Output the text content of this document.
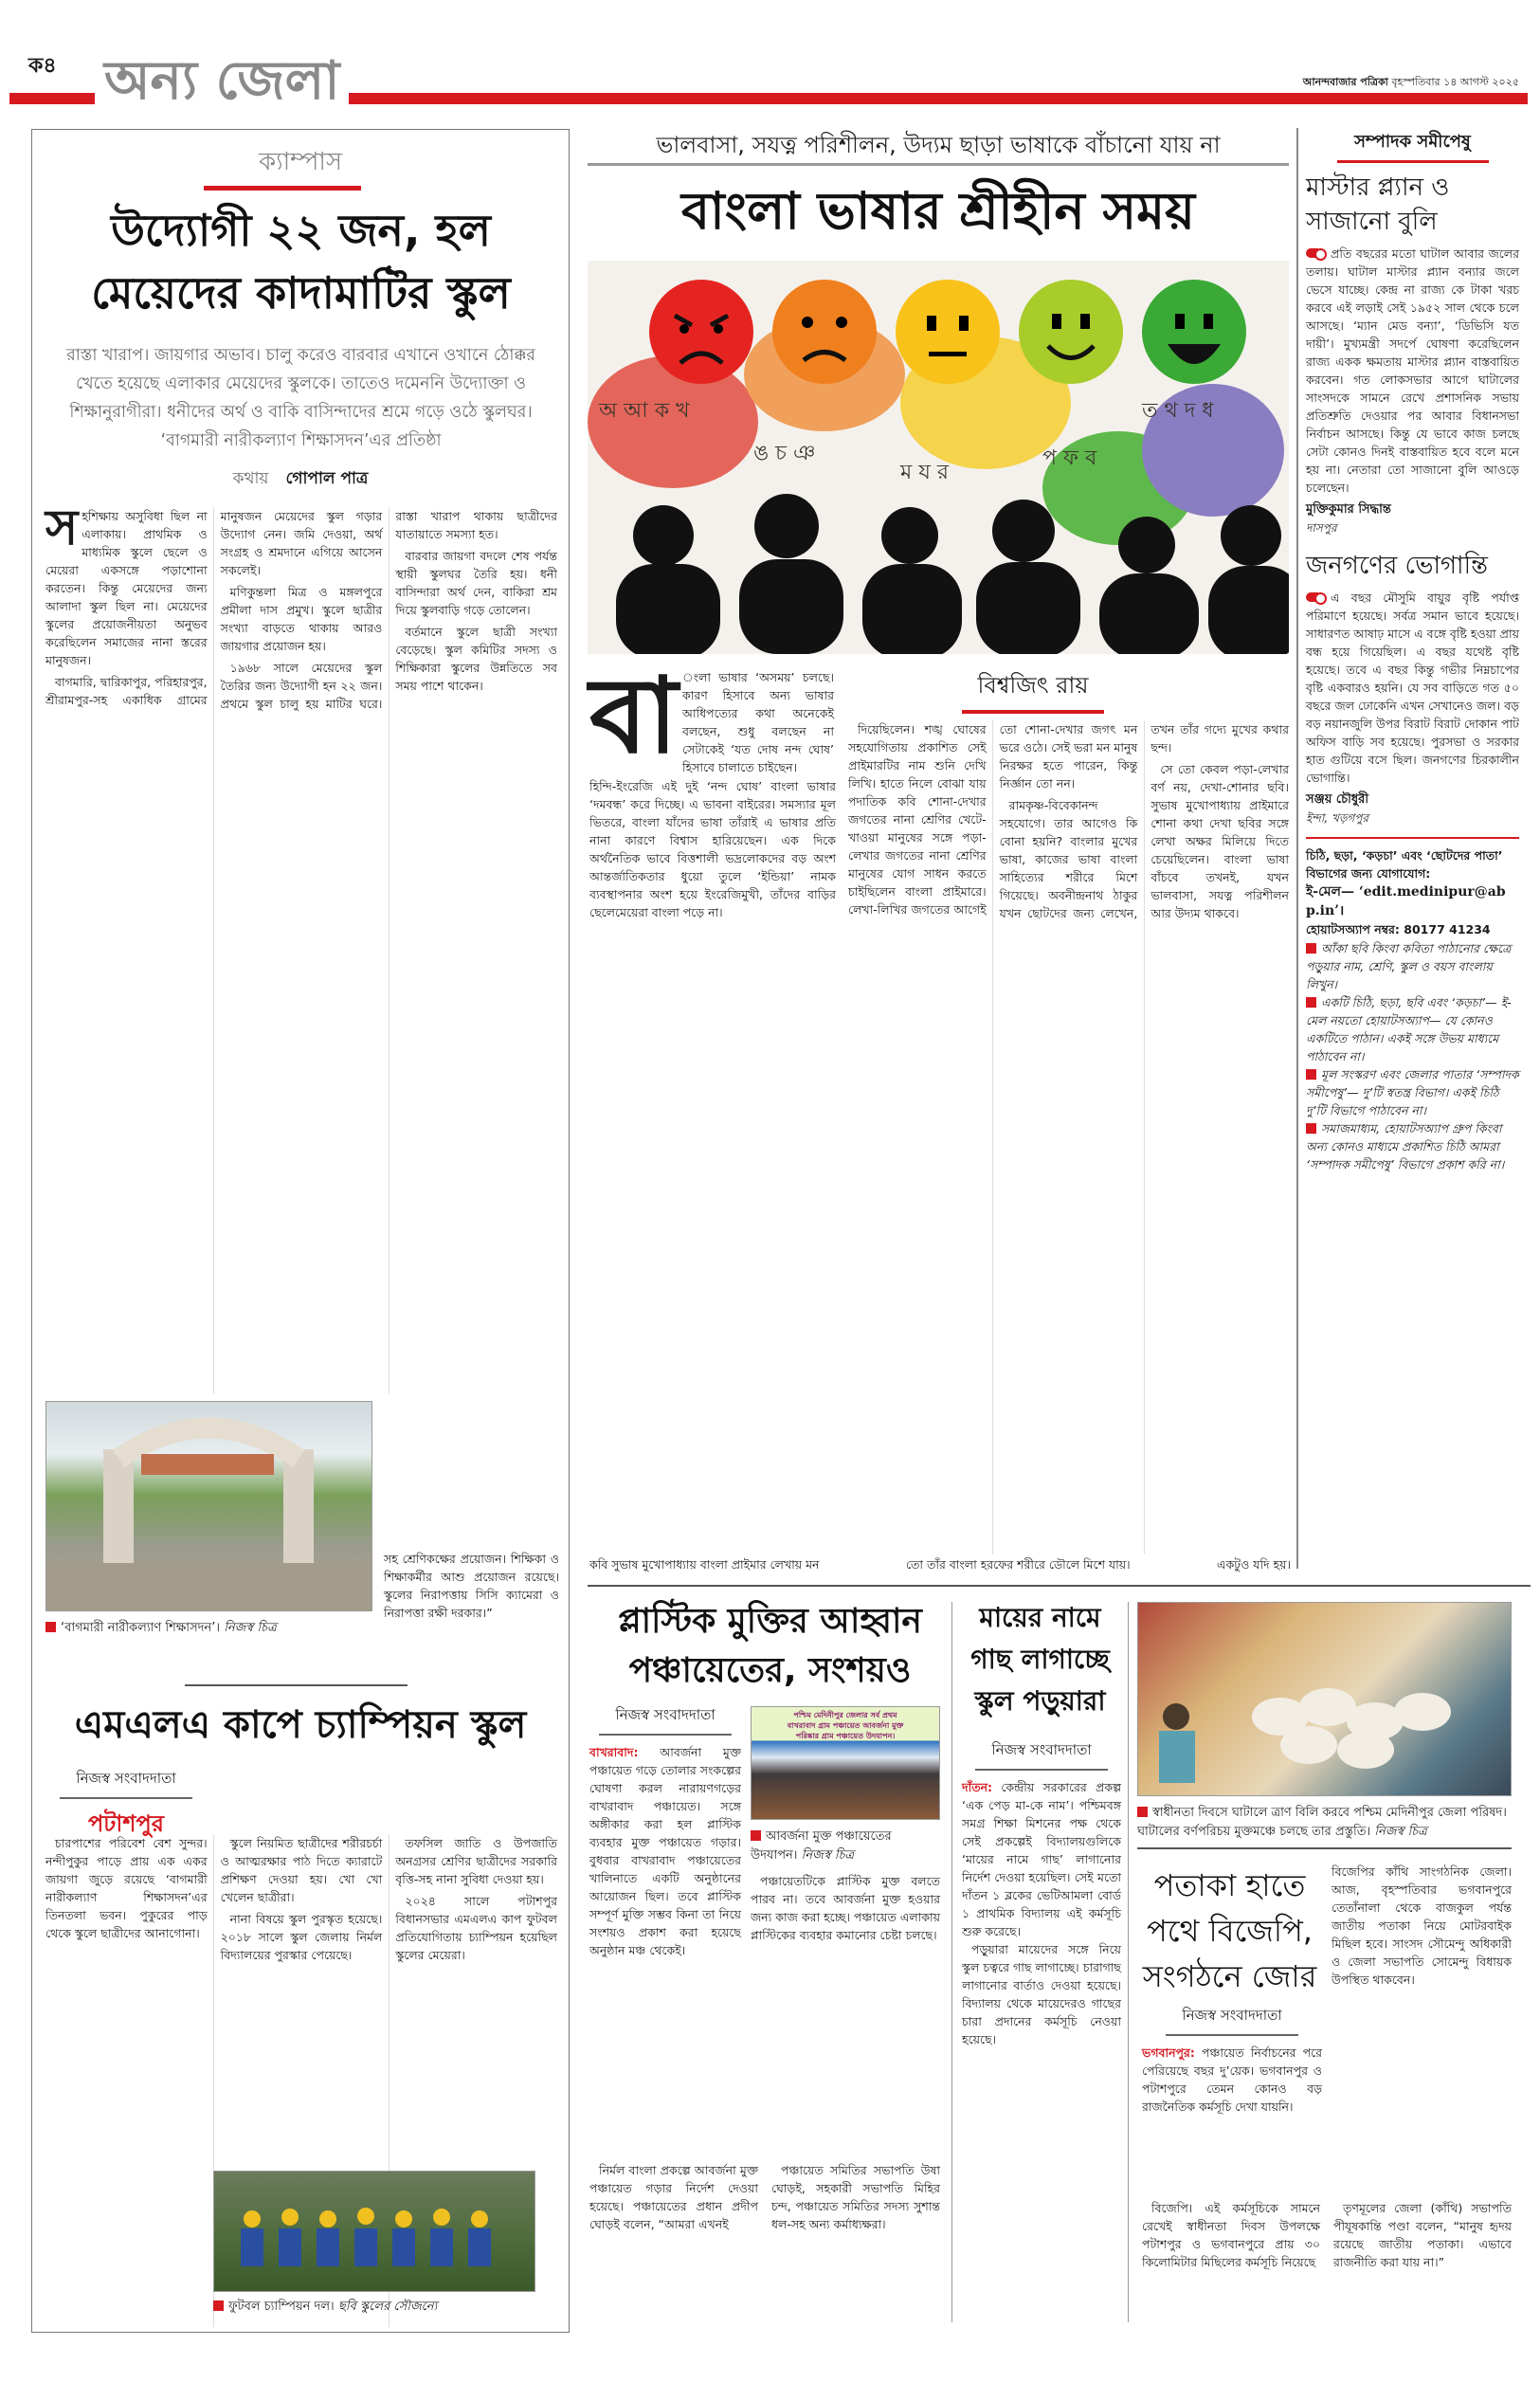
ক৪ অন্য জেলা	আনন্দবাজার পত্রিকা বৃহস্পতিবার ১৪ আগস্ট ২০২৫
ক্যাম্পাস
উদ্যোগী ২২ জন, হল
মেয়েদের কাদামাটির স্কুল
রাস্তা খারাপ। জায়গার অভাব। চালু করেও বারবার এখানে ওখানে ঠোক্কর খেতে হয়েছে এলাকার মেয়েদের স্কুলকে। তাতেও দমেননি উদ্যোক্তা ও শিক্ষানুরাগীরা। ধনীদের অর্থ ও বাকি বাসিন্দাদের শ্রমে গড়ে ওঠে স্কুলঘর। ‘বাগমারী নারীকল্যাণ শিক্ষাসদন’এর প্রতিষ্ঠা
কথায় গোপাল পাত্র

সহশিক্ষায় অসুবিধা ছিল না এলাকায়। প্রাথমিক ও মাধ্যমিক স্কুলে ছেলে ও মেয়েরা একসঙ্গে পড়াশোনা করতেন। কিন্তু মেয়েদের জন্য আলাদা স্কুল ছিল না। মেয়েদের স্কুলের প্রয়োজনীয়তা অনুভব করেছিলেন সমাজের নানা স্তরের মানুষজন।

বাগমারি, দ্বারিকাপুর, পরিহারপুর, শ্রীরামপুর-সহ একাধিক গ্রামের মানুষজন মেয়েদের স্কুল গড়ার উদ্যোগ নেন। জমি দেওয়া, অর্থ সংগ্রহ ও শ্রমদানে এগিয়ে আসেন সকলেই।

মণিকুন্তলা মিত্র ও মঙ্গলপুরে প্রমীলা দাস প্রমুখ। স্কুলে ছাত্রীর সংখ্যা বাড়তে থাকায় আরও জায়গার প্রয়োজন হয়।

১৯৬৮ সালে মেয়েদের স্কুল তৈরির জন্য উদ্যোগী হন ২২ জন। প্রথমে স্কুল চালু হয় মাটির ঘরে। রাস্তা খারাপ থাকায় ছাত্রীদের যাতায়াতে সমস্যা হত।

বারবার জায়গা বদলে শেষ পর্যন্ত স্থায়ী স্কুলঘর তৈরি হয়। ধনী বাসিন্দারা অর্থ দেন, বাকিরা শ্রম দিয়ে স্কুলবাড়ি গড়ে তোলেন।

বর্তমানে স্কুলে ছাত্রী সংখ্যা বেড়েছে। স্কুল কমিটির সদস্য ও শিক্ষিকারা স্কুলের উন্নতিতে সব সময় পাশে থাকেন।

‘বাগমারী নারীকল্যাণ শিক্ষাসদন’। নিজস্ব চিত্র
সহ শ্রেণিকক্ষের প্রয়োজন। শিক্ষিকা ও শিক্ষাকর্মীর আশু প্রয়োজন রয়েছে। স্কুলের নিরাপত্তায় সিসি ক্যামেরা ও নিরাপত্তা রক্ষী দরকার।”
এমএলএ কাপে চ্যাম্পিয়ন স্কুল
নিজস্ব সংবাদদাতা
পটাশপুর

চারপাশের পরিবেশ বেশ সুন্দর। নন্দীপুকুর পাড়ে প্রায় এক একর জায়গা জুড়ে রয়েছে ‘বাগমারী নারীকল্যাণ শিক্ষাসদন’এর তিনতলা ভবন। পুকুরের পাড় থেকে স্কুলে ছাত্রীদের আনাগোনা।

স্কুলে নিয়মিত ছাত্রীদের শরীরচর্চা ও আত্মরক্ষার পাঠ দিতে ক্যারাটে প্রশিক্ষণ দেওয়া হয়। খো খো খেলেন ছাত্রীরা।

নানা বিষয়ে স্কুল পুরস্কৃত হয়েছে। ২০১৮ সালে স্কুল জেলায় নির্মল বিদ্যালয়ের পুরস্কার পেয়েছে।

তফসিল জাতি ও উপজাতি অনগ্রসর শ্রেণির ছাত্রীদের সরকারি বৃত্তি-সহ নানা সুবিধা দেওয়া হয়।

২০২৪ সালে পটাশপুর বিধানসভার এমএলএ কাপ ফুটবল প্রতিযোগিতায় চ্যাম্পিয়ন হয়েছিল স্কুলের মেয়েরা।

ফুটবল চ্যাম্পিয়ন দল। ছবি স্কুলের সৌজন্যে
ভালবাসা, সযত্ন পরিশীলন, উদ্যম ছাড়া ভাষাকে বাঁচানো যায় না
বাংলা ভাষার শ্রীহীন সময়
অ আ ক খ
ঙ চ ঞ
ত থ দ ধ
প ফ ব
ম য র
বা ংলা ভাষার ‘অসময়’ চলছে। কারণ হিসাবে অন্য ভাষার আধিপত্যের কথা অনেকেই বলছেন, শুধু বলছেন না সেটাকেই ‘যত দোষ নন্দ ঘোষ’ হিসাবে চালাতে চাইছেন।
বিশ্বজিৎ রায়

হিন্দি-ইংরেজি এই দুই ‘নন্দ ঘোষ’ বাংলা ভাষার ‘দমবন্ধ’ করে দিচ্ছে। এ ভাবনা বাইরের। সমস্যার মূল ভিতরে, বাংলা যাঁদের ভাষা তাঁরাই এ ভাষার প্রতি নানা কারণে বিশ্বাস হারিয়েছেন। এক দিকে অর্থনৈতিক ভাবে বিত্তশালী ভদ্রলোকদের বড় অংশ আন্তর্জাতিকতার ধুয়ো তুলে ‘ইন্ডিয়া’ নামক ব্যবস্থাপনার অংশ হয়ে ইংরেজিমুখী, তাঁদের বাড়ির ছেলেমেয়েরা বাংলা পড়ে না।

দিয়েছিলেন। শঙ্খ ঘোষের সহযোগিতায় প্রকাশিত সেই প্রাইমারটির নাম শুনি দেখি লিখি। হাতে নিলে বোঝা যায় পদাতিক কবি শোনা-দেখার জগতের নানা শ্রেণির খেটে-খাওয়া মানুষের সঙ্গে পড়া-লেখার জগতের নানা শ্রেণির মানুষের যোগ সাধন করতে চাইছিলেন বাংলা প্রাইমারে। লেখা-লিখির জগতের আগেই তো শোনা-দেখার জগৎ মন ভরে ওঠে। সেই ভরা মন মানুষ নিরক্ষর হতে পারেন, কিন্তু নির্জ্ঞান তো নন।

রামকৃষ্ণ-বিবেকানন্দ সহযোগে। তার আগেও কি বোনা হয়নি? বাংলার মুখের ভাষা, কাজের ভাষা বাংলা সাহিত্যের শরীরে মিশে গিয়েছে। অবনীন্দ্রনাথ ঠাকুর যখন ছোটদের জন্য লেখেন, তখন তাঁর গদ্যে মুখের কথার ছন্দ।

সে তো কেবল পড়া-লেখার বর্ণ নয়, দেখা-শোনার ছবি। সুভাষ মুখোপাধ্যায় প্রাইমারে শোনা কথা দেখা ছবির সঙ্গে লেখা অক্ষর মিলিয়ে দিতে চেয়েছিলেন। বাংলা ভাষা বাঁচবে তখনই, যখন ভালবাসা, সযত্ন পরিশীলন আর উদ্যম থাকবে।

কবি সুভাষ মুখোপাধ্যায় বাংলা প্রাইমার লেখায় মন	তো তাঁর বাংলা হরফের শরীরে ডৌলে মিশে যায়।	একটুও যদি হয়।
প্লাস্টিক মুক্তির আহ্বান
পঞ্চায়েতের, সংশয়ও
নিজস্ব সংবাদদাতা
বাখরাবাদ: আবর্জনা মুক্ত পঞ্চায়েত গড়ে তোলার সংকল্পের ঘোষণা করল নারায়ণগড়ের বাখরাবাদ পঞ্চায়েত। সঙ্গে অঙ্গীকার করা হল প্লাস্টিক ব্যবহার মুক্ত পঞ্চায়েত গড়ার। বুধবার বাখরাবাদ পঞ্চায়েতের খালিনাতে একটি অনুষ্ঠানের আয়োজন ছিল। তবে প্লাস্টিক সম্পূর্ণ মুক্তি সম্ভব কিনা তা নিয়ে সংশয়ও প্রকাশ করা হয়েছে অনুষ্ঠান মঞ্চ থেকেই।
পশ্চিম মেদিনীপুর জেলার সর্ব প্রথম
বাখরাবাদ গ্রাম পঞ্চায়েত আবর্জনা মুক্ত
পরিষ্কার গ্রাম পঞ্চায়েত উদযাপন।
আবর্জনা মুক্ত পঞ্চায়েতের উদযাপন। নিজস্ব চিত্র

পঞ্চায়েতটিকে প্লাস্টিক মুক্ত বলতে পারব না। তবে আবর্জনা মুক্ত হওয়ার জন্য কাজ করা হচ্ছে। পঞ্চায়েত এলাকায় প্লাস্টিকের ব্যবহার কমানোর চেষ্টা চলছে।

নির্মল বাংলা প্রকল্পে আবর্জনা মুক্ত পঞ্চায়েত গড়ার নির্দেশ দেওয়া হয়েছে। পঞ্চায়েতের প্রধান প্রদীপ ঘোড়ই বলেন, “আমরা এখনই

পঞ্চায়েত সমিতির সভাপতি উষা ঘোড়ই, সহকারী সভাপতি মিহির চন্দ, পঞ্চায়েত সমিতির সদস্য সুশান্ত ধল-সহ অন্য কর্মাধ্যক্ষরা।

মায়ের নামে
গাছ লাগাচ্ছে
স্কুল পড়ুয়ারা
নিজস্ব সংবাদদাতা
দাঁতন: কেন্দ্রীয় সরকারের প্রকল্প ‘এক পেড় মা-কে নাম’। পশ্চিমবঙ্গ সমগ্র শিক্ষা মিশনের পক্ষ থেকে সেই প্রকল্পেই বিদ্যালয়গুলিকে ‘মায়ের নামে গাছ’ লাগানোর নির্দেশ দেওয়া হয়েছিল। সেই মতো দাঁতন ১ ব্লকের ভেটিআমলা বোর্ড ১ প্রাথমিক বিদ্যালয় এই কর্মসূচি শুরু করেছে।

পড়ুয়ারা মায়েদের সঙ্গে নিয়ে স্কুল চত্বরে গাছ লাগাচ্ছে। চারাগাছ লাগানোর বার্তাও দেওয়া হয়েছে। বিদ্যালয় থেকে মায়েদেরও গাছের চারা প্রদানের কর্মসূচি নেওয়া হয়েছে।

স্বাধীনতা দিবসে ঘাটালে ত্রাণ বিলি করবে পশ্চিম মেদিনীপুর জেলা পরিষদ। ঘাটালের বর্ণপরিচয় মুক্তমঞ্চে চলছে তার প্রস্তুতি। নিজস্ব চিত্র
পতাকা হাতে
পথে বিজেপি,
সংগঠনে জোর
নিজস্ব সংবাদদাতা
ভগবানপুর: পঞ্চায়েত নির্বাচনের পরে পেরিয়েছে বছর দু’য়েক। ভগবানপুর ও পটাশপুরে তেমন কোনও বড় রাজনৈতিক কর্মসূচি দেখা যায়নি।

বিজেপির কাঁথি সাংগঠনিক জেলা। আজ, বৃহস্পতিবার ভগবানপুরে তেতাঁনালা থেকে বাজকুল পর্যন্ত জাতীয় পতাকা নিয়ে মোটরবাইক মিছিল হবে। সাংসদ সৌমেন্দু অধিকারী ও জেলা সভাপতি সোমেন্দু বিধায়ক উপস্থিত থাকবেন।

বিজেপি। এই কর্মসূচিকে সামনে রেখেই স্বাধীনতা দিবস উপলক্ষে পটাশপুর ও ভগবানপুরে প্রায় ৩০ কিলোমিটার মিছিলের কর্মসূচি নিয়েছে

তৃণমূলের জেলা (কাঁথি) সভাপতি পীযূষকান্তি পণ্ডা বলেন, “মানুষ হৃদয় রয়েছে জাতীয় পতাকা। এভাবে রাজনীতি করা যায় না।”

সম্পাদক সমীপেষু
মাস্টার প্ল্যান ও সাজানো বুলি

প্রতি বছরের মতো ঘাটাল আবার জলের তলায়। ঘাটাল মাস্টার প্ল্যান বন্যার জলে ভেসে যাচ্ছে। কেন্দ্র না রাজ্য কে টাকা খরচ করবে এই লড়াই সেই ১৯৫২ সাল থেকে চলে আসছে। ‘ম্যান মেড বন্যা’, ‘ডিভিসি যত দায়ী’। মুখ্যমন্ত্রী সদর্পে ঘোষণা করেছিলেন রাজ্য একক ক্ষমতায় মাস্টার প্ল্যান বাস্তবায়িত করবেন। গত লোকসভার আগে ঘাটালের সাংসদকে সামনে রেখে প্রশাসনিক সভায় প্রতিশ্রুতি দেওয়ার পর আবার বিধানসভা নির্বাচন আসছে। কিন্তু যে ভাবে কাজ চলছে সেটা কোনও দিনই বাস্তবায়িত হবে বলে মনে হয় না। নেতারা তো সাজানো বুলি আওড়ে চলেছেন।

মুক্তিকুমার সিদ্ধান্ত
দাসপুর
জনগণের ভোগান্তি

এ বছর মৌসুমি বায়ুর বৃষ্টি পর্যাপ্ত পরিমাণে হয়েছে। সর্বত্র সমান ভাবে হয়েছে। সাধারণত আষাঢ় মাসে এ বঙ্গে বৃষ্টি হওয়া প্রায় বন্ধ হয়ে গিয়েছিল। এ বছর যথেষ্ট বৃষ্টি হয়েছে। তবে এ বছর কিন্তু গভীর নিম্নচাপের বৃষ্টি একবারও হয়নি। যে সব বাড়িতে গত ৫০ বছরে জল ঢোকেনি এখন সেখানেও জল। বড় বড় নয়ানজুলি উপর বিরাট বিরাট দোকান পাট অফিস বাড়ি সব হয়েছে। পুরসভা ও সরকার হাত গুটিয়ে বসে ছিল। জনগণের চিরকালীন ভোগান্তি।

সঞ্জয় চৌধুরী
ইন্দা, খড়গপুর
চিঠি, ছড়া, ‘কড়চা’ এবং ‘ছোটদের পাতা’ বিভাগের জন্য যোগাযোগ:
ই-মেল— ‘edit.medinipur@abp.in’।
হোয়াটসঅ্যাপ নম্বর: 80177 41234
আঁকা ছবি কিংবা কবিতা পাঠানোর ক্ষেত্রে পড়ুয়ার নাম, শ্রেণি, স্কুল ও বয়স বাংলায় লিখুন।
একটি চিঠি, ছড়া, ছবি এবং ‘কড়চা’— ই-মেল নয়তো হোয়াটসঅ্যাপ— যে কোনও একটিতে পাঠান। একই সঙ্গে উভয় মাধ্যমে পাঠাবেন না।
মূল সংস্করণ এবং জেলার পাতার ‘সম্পাদক সমীপেষু’— দু’টি স্বতন্ত্র বিভাগ। একই চিঠি দু’টি বিভাগে পাঠাবেন না।
সমাজমাধ্যম, হোয়াটসঅ্যাপ গ্রুপ কিংবা অন্য কোনও মাধ্যমে প্রকাশিত চিঠি আমরা ‘সম্পাদক সমীপেষু’ বিভাগে প্রকাশ করি না।
